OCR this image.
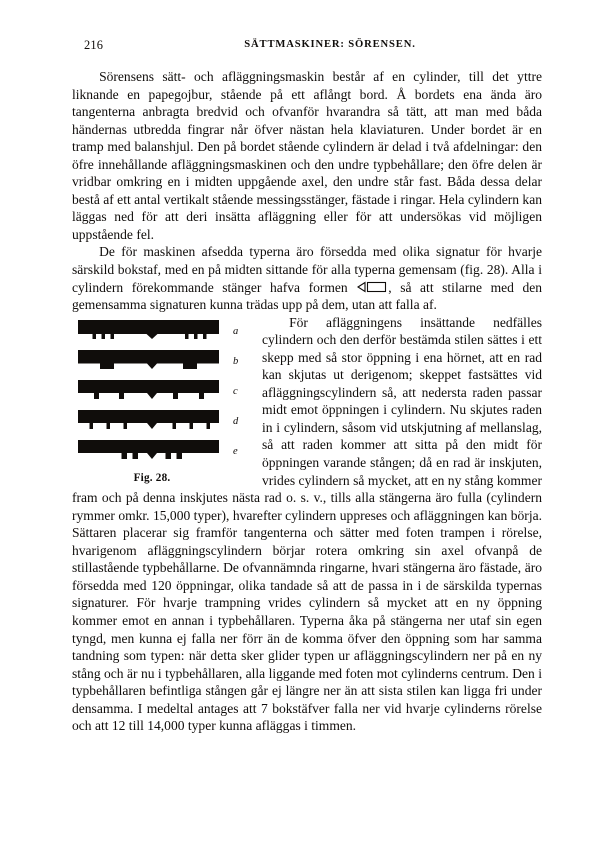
216	SÄTTMASKINER: SÖRENSEN.

Sörensens sätt- och afläggningsmaskin består af en cylinder, till det yttre liknande en papegojbur, stående på ett aflångt bord. Å bordets ena ända äro tangenterna anbragta bredvid och ofvanför hvarandra så tätt, att man med båda händernas utbredda fingrar når öfver nästan hela klaviaturen. Under bordet är en tramp med balanshjul. Den på bordet stående cylindern är delad i två afdelningar: den öfre innehållande afläggningsmaskinen och den undre typbehållare; den öfre delen är vridbar omkring en i midten uppgående axel, den undre står fast. Båda dessa delar bestå af ett antal vertikalt stående messingsstänger, fästade i ringar. Hela cylindern kan läggas ned för att deri insätta afläggning eller för att undersökas vid möjligen uppstående fel.

De för maskinen afsedda typerna äro försedda med olika signatur för hvarje särskild bokstaf, med en på midten sittande för alla typerna gemensam (fig. 28). Alla i cylindern förekommande stänger hafva formen
, så att stilarne med den gemensamma signaturen kunna trädas upp på dem, utan att falla af.

a
b
c
d
e
Fig. 28.

För afläggningens insättande nedfälles cylindern och den derför bestämda stilen sättes i ett skepp med så stor öppning i ena hörnet, att en rad kan skjutas ut derigenom; skeppet fastsättes vid afläggningscylindern så, att nedersta raden passar midt emot öppningen i cylindern. Nu skjutes raden in i cylindern, såsom vid utskjutning af mellanslag, så att raden kommer att sitta på den midt för öppningen varande stången; då en rad är inskjuten, vrides cylindern så mycket, att en ny stång kommer fram och på denna inskjutes nästa rad o. s. v., tills alla stängerna äro fulla (cylindern rymmer omkr. 15,000 typer), hvarefter cylindern uppreses och afläggningen kan börja. Sättaren placerar sig framför tangenterna och sätter med foten trampen i rörelse, hvarigenom afläggningscylindern börjar rotera omkring sin axel ofvanpå de stillastående typbehållarne. De ofvannämnda ringarne, hvari stängerna äro fästade, äro försedda med 120 öppningar, olika tandade så att de passa in i de särskilda typernas signaturer. För hvarje trampning vrides cylindern så mycket att en ny öppning kommer emot en annan i typbehållaren. Typerna åka på stängerna ner utaf sin egen tyngd, men kunna ej falla ner förr än de komma öfver den öppning som har samma tandning som typen: när detta sker glider typen ur afläggningscylindern ner på en ny stång och är nu i typbehållaren, alla liggande med foten mot cylinderns centrum. Den i typbehållaren befintliga stången går ej längre ner än att sista stilen kan ligga fri under densamma. I medeltal antages att 7 bokstäfver falla ner vid hvarje cylinderns rörelse och att 12 till 14,000 typer kunna afläggas i timmen.
